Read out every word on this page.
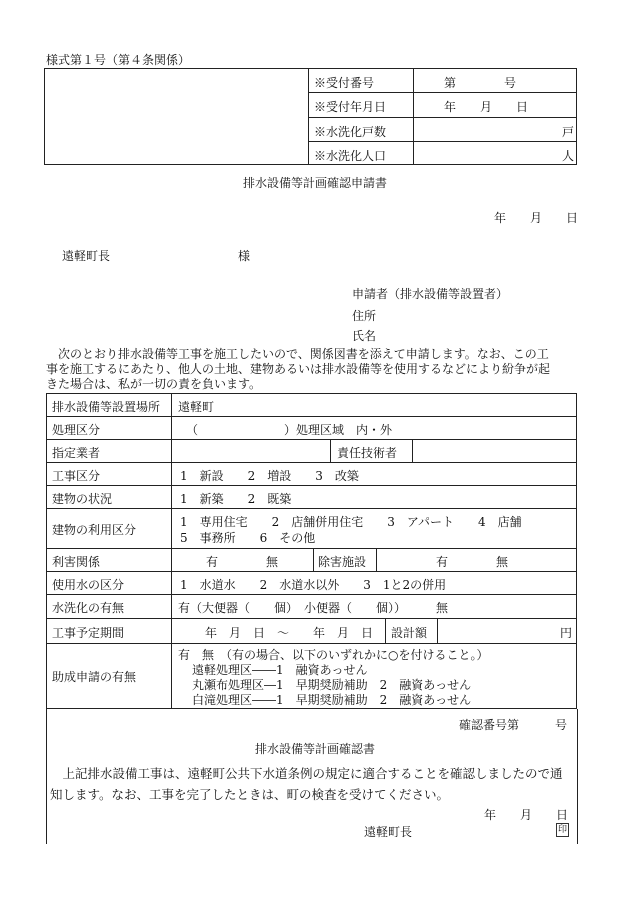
様式第１号（第４条関係）
※受付番号	第　　　　号
※受付年月日	年　　月　　日
※水洗化戸数	戸
※水洗化人口	人
排水設備等計画確認申請書
年　　月　　日
遠軽町長	様
申請者（排水設備等設置者）
住所
氏名
　次のとおり排水設備等工事を施工したいので、関係図書を添えて申請します。なお、この工
事を施工するにあたり、他人の土地、建物あるいは排水設備等を使用するなどにより紛争が起
きた場合は、私が一切の責を負います。
排水設備等設置場所 遠軽町
処理区分	（	）処理区域　内・外
指定業者	責任技術者
工事区分	1　新設　　2　増設　　3　改築
建物の状況	1　新築　　2　既築
建物の利用区分
1　専用住宅　　2　店舗併用住宅　　3　アパート　　4　店舗
5　事務所　　6　その他
利害関係	有　　　　無	除害施設	有　　　　無
使用水の区分	1　水道水　　2　水道水以外　　3　1と2の併用
水洗化の有無	有（大便器（　　個）　小便器（　　個））　　　無
工事予定期間	年　月　日　～　　年　月　日 設計額	円
助成申請の有無
有　無　（有の場合、以下のいずれかに○を付けること。）
遠軽処理区――1　融資あっせん
丸瀬布処理区―1　早期奨励補助　2　融資あっせん
白滝処理区――1　早期奨励補助　2　融資あっせん
確認番号第　　　号
排水設備等計画確認書
　上記排水設備工事は、遠軽町公共下水道条例の規定に適合することを確認しましたので通
知します。なお、工事を完了したときは、町の検査を受けてください。
年　　月　　日
遠軽町長	印
